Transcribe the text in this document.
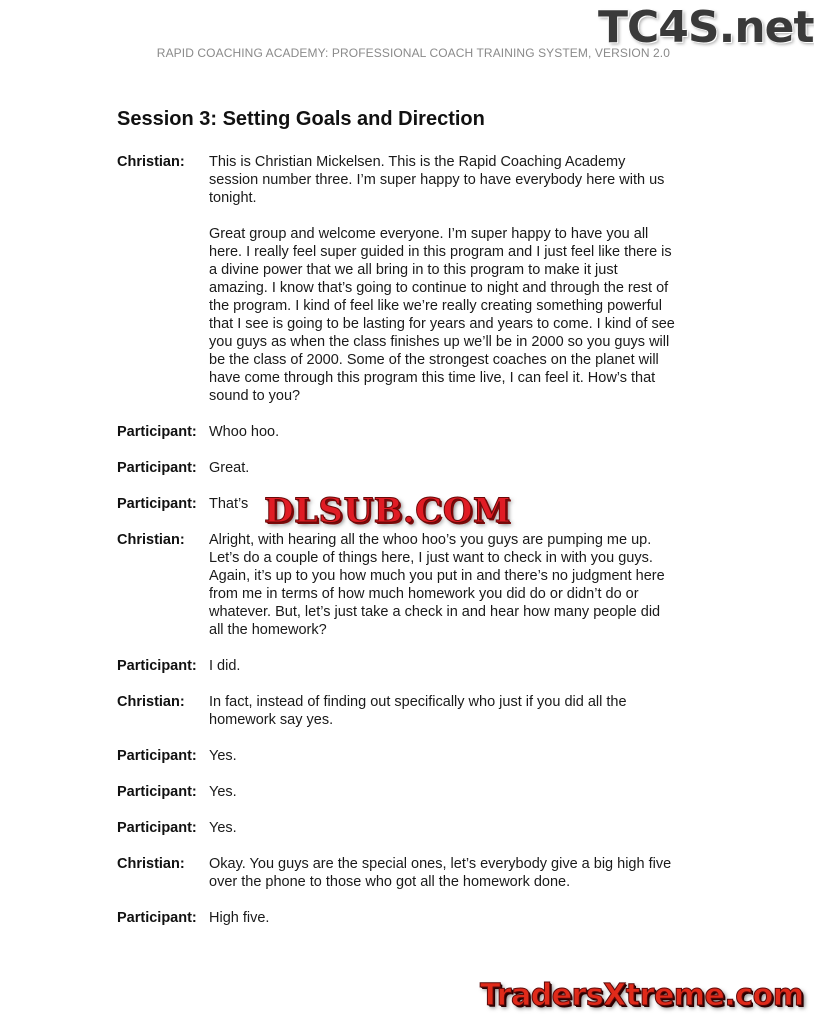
RAPID COACHING ACADEMY: PROFESSIONAL COACH TRAINING SYSTEM, VERSION 2.0
TC4S.net
Session 3: Setting Goals and Direction
Christian:	This is Christian Mickelsen. This is the Rapid Coaching Academy session number three. I’m super happy to have everybody here with us tonight.

Great group and welcome everyone. I’m super happy to have you all here. I really feel super guided in this program and I just feel like there is a divine power that we all bring in to this program to make it just amazing. I know that’s going to continue to night and through the rest of the program. I kind of feel like we’re really creating something powerful that I see is going to be lasting for years and years to come. I kind of see you guys as when the class finishes up we’ll be in 2000 so you guys will be the class of 2000. Some of the strongest coaches on the planet will have come through this program this time live, I can feel it. How’s that sound to you?

Participant: Whoo hoo.

Participant: Great.

Participant: That’s

Christian:	Alright, with hearing all the whoo hoo’s you guys are pumping me up. Let’s do a couple of things here, I just want to check in with you guys. Again, it’s up to you how much you put in and there’s no judgment here from me in terms of how much homework you did do or didn’t do or whatever. But, let’s just take a check in and hear how many people did all the homework?

Participant: I did.

Christian:	In fact, instead of finding out specifically who just if you did all the homework say yes.

Participant: Yes.

Participant: Yes.

Participant: Yes.

Christian:	Okay. You guys are the special ones, let’s everybody give a big high five over the phone to those who got all the homework done.

Participant: High five.

DLSUB.COM
TradersXtreme.com
